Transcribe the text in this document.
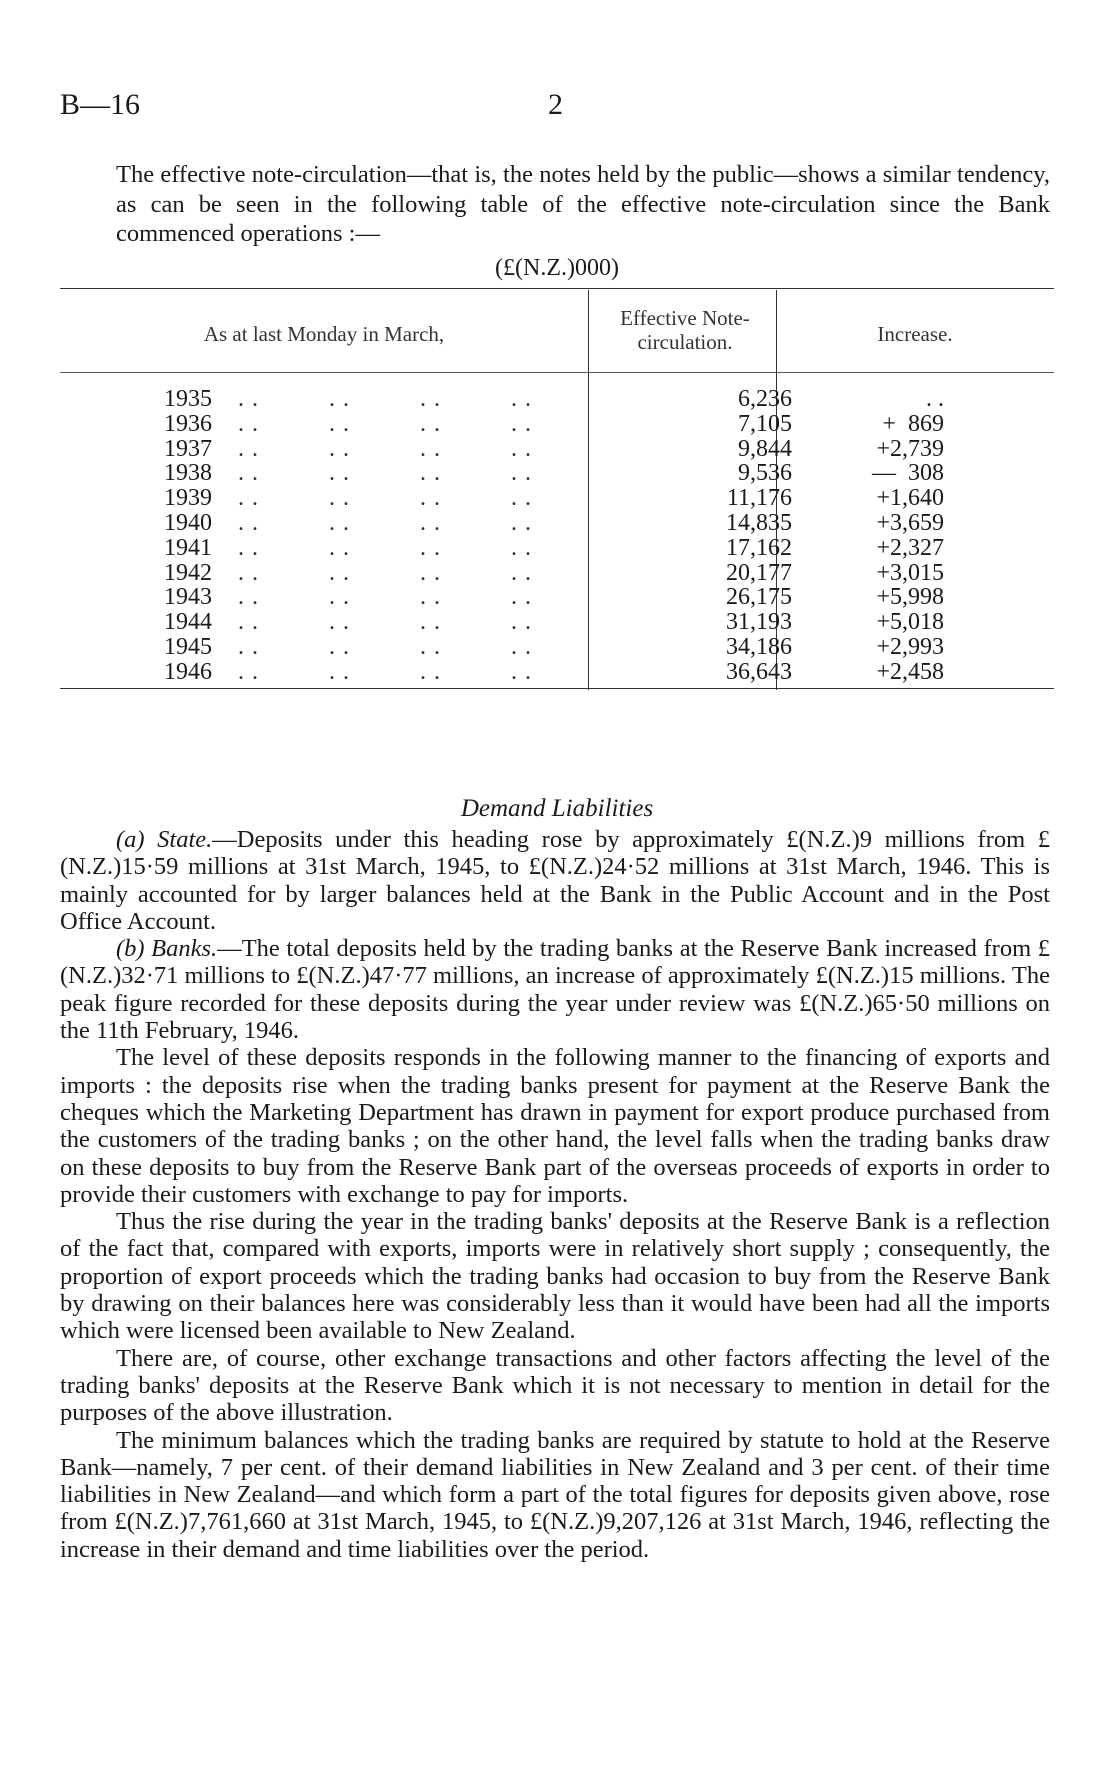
B—16	2
The effective note-circulation—that is, the notes held by the public—shows a similar tendency, as can be seen in the following table of the effective note-circulation since the Bank commenced operations :—
(£(N.Z.)000)
As at last Monday in March,
Effective Note-circulation.	Increase.
1935 . .          . .          . .          . .	6,236	. .
1936 . .          . .          . .          . .	7,105	+  869
1937 . .          . .          . .          . .	9,844	+2,739
1938 . .          . .          . .          . .	9,536	—  308
1939 . .          . .          . .          . .	11,176	+1,640
1940 . .          . .          . .          . .	14,835	+3,659
1941 . .          . .          . .          . .	17,162	+2,327
1942 . .          . .          . .          . .	20,177	+3,015
1943 . .          . .          . .          . .	26,175	+5,998
1944 . .          . .          . .          . .	31,193	+5,018
1945 . .          . .          . .          . .	34,186	+2,993
1946 . .          . .          . .          . .	36,643	+2,458
Demand Liabilities

(a) State.—Deposits under this heading rose by approximately £(N.Z.)9 millions from £(N.Z.)15·59 millions at 31st March, 1945, to £(N.Z.)24·52 millions at 31st March, 1946. This is mainly accounted for by larger balances held at the Bank in the Public Account and in the Post Office Account.

(b) Banks.—The total deposits held by the trading banks at the Reserve Bank increased from £(N.Z.)32·71 millions to £(N.Z.)47·77 millions, an increase of approximately £(N.Z.)15 millions. The peak figure recorded for these deposits during the year under review was £(N.Z.)65·50 millions on the 11th February, 1946.

The level of these deposits responds in the following manner to the financing of exports and imports : the deposits rise when the trading banks present for payment at the Reserve Bank the cheques which the Marketing Department has drawn in payment for export produce purchased from the customers of the trading banks ; on the other hand, the level falls when the trading banks draw on these deposits to buy from the Reserve Bank part of the overseas proceeds of exports in order to provide their customers with exchange to pay for imports.

Thus the rise during the year in the trading banks' deposits at the Reserve Bank is a reflection of the fact that, compared with exports, imports were in relatively short supply ; consequently, the proportion of export proceeds which the trading banks had occasion to buy from the Reserve Bank by drawing on their balances here was considerably less than it would have been had all the imports which were licensed been available to New Zealand.

There are, of course, other exchange transactions and other factors affecting the level of the trading banks' deposits at the Reserve Bank which it is not necessary to mention in detail for the purposes of the above illustration.

The minimum balances which the trading banks are required by statute to hold at the Reserve Bank—namely, 7 per cent. of their demand liabilities in New Zealand and 3 per cent. of their time liabilities in New Zealand—and which form a part of the total figures for deposits given above, rose from £(N.Z.)7,761,660 at 31st March, 1945, to £(N.Z.)9,207,126 at 31st March, 1946, reflecting the increase in their demand and time liabilities over the period.
